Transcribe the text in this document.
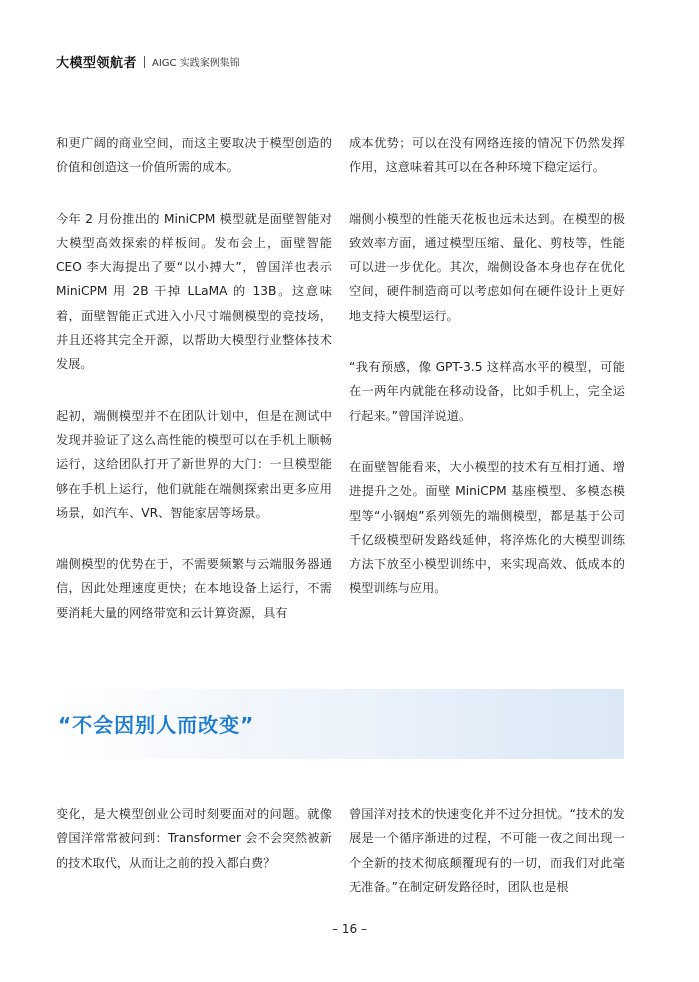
大模型领航者 AIGC 实践案例集锦

和更广阔的商业空间，而这主要取决于模型创造的价值和创造这一价值所需的成本。

今年 2 月份推出的 MiniCPM 模型就是面壁智能对大模型高效探索的样板间。发布会上，面壁智能 CEO 李大海提出了要“以小搏大”，曾国洋也表示 MiniCPM 用 2B 干掉 LLaMA 的 13B。这意味着，面壁智能正式进入小尺寸端侧模型的竞技场，并且还将其完全开源，以帮助大模型行业整体技术发展。

起初，端侧模型并不在团队计划中，但是在测试中发现并验证了这么高性能的模型可以在手机上顺畅运行，这给团队打开了新世界的大门：一旦模型能够在手机上运行，他们就能在端侧探索出更多应用场景，如汽车、VR、智能家居等场景。

端侧模型的优势在于，不需要频繁与云端服务器通信，因此处理速度更快；在本地设备上运行，不需要消耗大量的网络带宽和云计算资源，具有

成本优势；可以在没有网络连接的情况下仍然发挥作用，这意味着其可以在各种环境下稳定运行。

端侧小模型的性能天花板也远未达到。在模型的极致效率方面，通过模型压缩、量化、剪枝等，性能可以进一步优化。其次，端侧设备本身也存在优化空间，硬件制造商可以考虑如何在硬件设计上更好地支持大模型运行。

“我有预感，像 GPT-3.5 这样高水平的模型，可能在一两年内就能在移动设备，比如手机上，完全运行起来。”曾国洋说道。

在面壁智能看来，大小模型的技术有互相打通、增进提升之处。面壁 MiniCPM 基座模型、多模态模型等“小钢炮”系列领先的端侧模型，都是基于公司千亿级模型研发路线延伸，将淬炼化的大模型训练方法下放至小模型训练中，来实现高效、低成本的模型训练与应用。

“不会因别人而改变”

变化，是大模型创业公司时刻要面对的问题。就像曾国洋常常被问到：Transformer 会不会突然被新的技术取代，从而让之前的投入都白费？

曾国洋对技术的快速变化并不过分担忧。“技术的发展是一个循序渐进的过程，不可能一夜之间出现一个全新的技术彻底颠覆现有的一切，而我们对此毫无准备。”在制定研发路径时，团队也是根

– 16 –
